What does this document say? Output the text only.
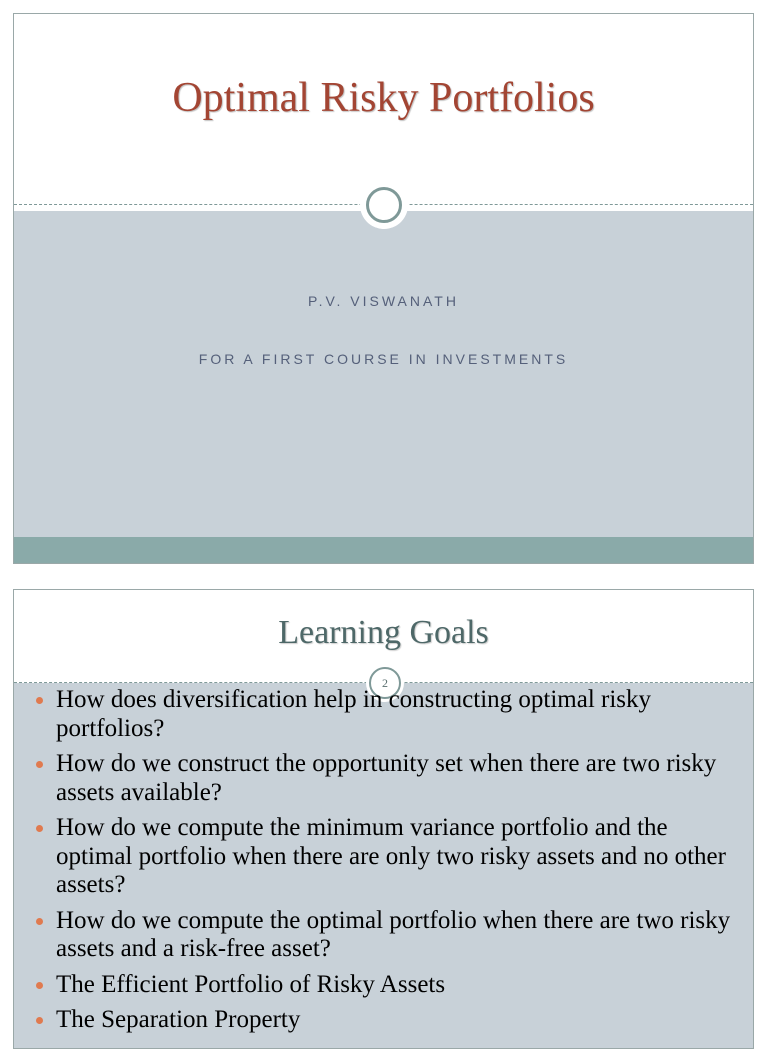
Optimal Risky Portfolios
P.V. VISWANATH
FOR A FIRST COURSE IN INVESTMENTS
Learning Goals
2
How does diversification help in constructing optimal risky portfolios?
How do we construct the opportunity set when there are two risky assets available?
How do we compute the minimum variance portfolio and the optimal portfolio when there are only two risky assets and no other assets?
How do we compute the optimal portfolio when there are two risky assets and a risk-free asset?
The Efficient Portfolio of Risky Assets
The Separation Property
